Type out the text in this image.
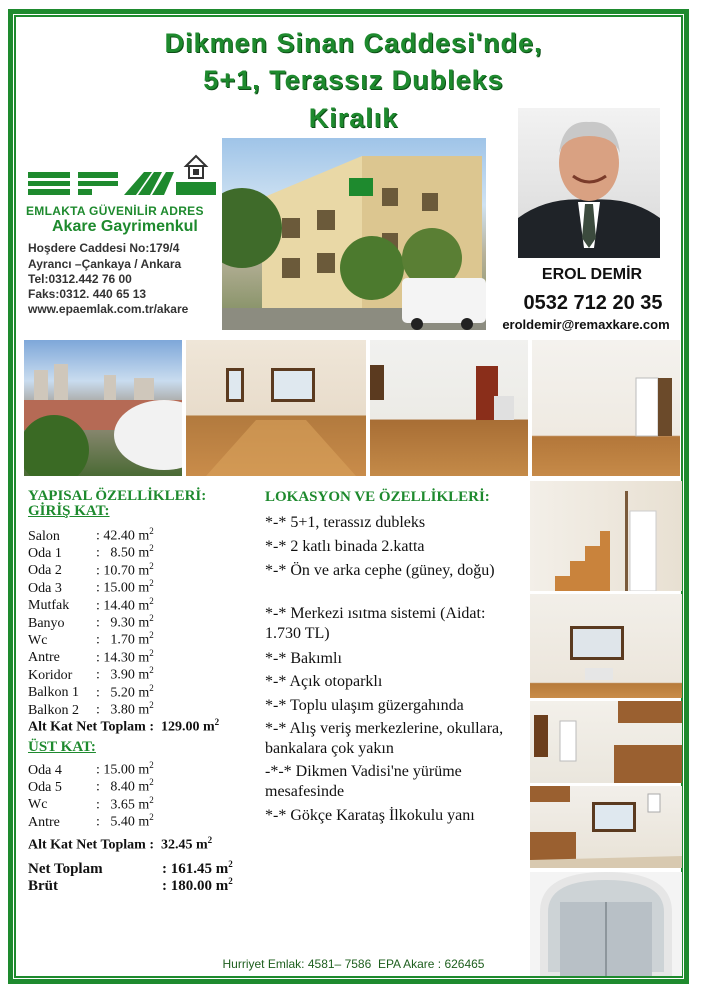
Dikmen Sinan Caddesi'nde,
5+1, Terassız Dubleks
Kiralık
EMLAKTA GÜVENİLİR ADRES
Akare Gayrimenkul
Hoşdere Caddesi No:179/4
Ayrancı –Çankaya / Ankara
Tel:0312.442 76 00
Faks:0312. 440 65 13
www.epaemlak.com.tr/akare
EROL DEMİR
0532 712 20 35
eroldemir@remaxkare.com
YAPISAL ÖZELLİKLERİ:
GİRİŞ KAT:
Salon	: 42.40 $m^2$
Oda 1 :   8.50 $m^2$
Oda 2 : 10.70 $m^2$
Oda 3 : 15.00 $m^2$
Mutfak : 14.40 $m^2$
Banyo :   9.30 $m^2$
Wc	:   1.70 $m^2$
Antre	: 14.30 $m^2$
Koridor :   3.90 $m^2$
Balkon 1 :   5.20 $m^2$
Balkon 2 :   3.80 $m^2$
Alt Kat Net Toplam : 129.00 $m^2$
ÜST KAT:
Oda 4 : 15.00 $m^2$
Oda 5 :   8.40 $m^2$
Wc	:   3.65 $m^2$
Antre	:   5.40 $m^2$
Alt Kat Net Toplam : 32.45 $m^2$
Net Toplam	: 161.45 $m^2$
Brüt	: 180.00 $m^2$
LOKASYON VE ÖZELLİKLERİ:
*-* 5+1, terassız dubleks
*-* 2 katlı binada 2.katta
*-* Ön ve arka cephe (güney, doğu)
*-* Merkezi ısıtma sistemi (Aidat: 1.730 TL)
*-* Bakımlı
*-* Açık otoparklı
*-* Toplu ulaşım güzergahında
*-* Alış veriş merkezlerine, okullara, bankalara çok yakın
-*-* Dikmen Vadisi'ne yürüme mesafesinde
*-* Gökçe Karataş İlkokulu yanı
Hurriyet Emlak: 4581– 7586 EPA Akare : 626465
